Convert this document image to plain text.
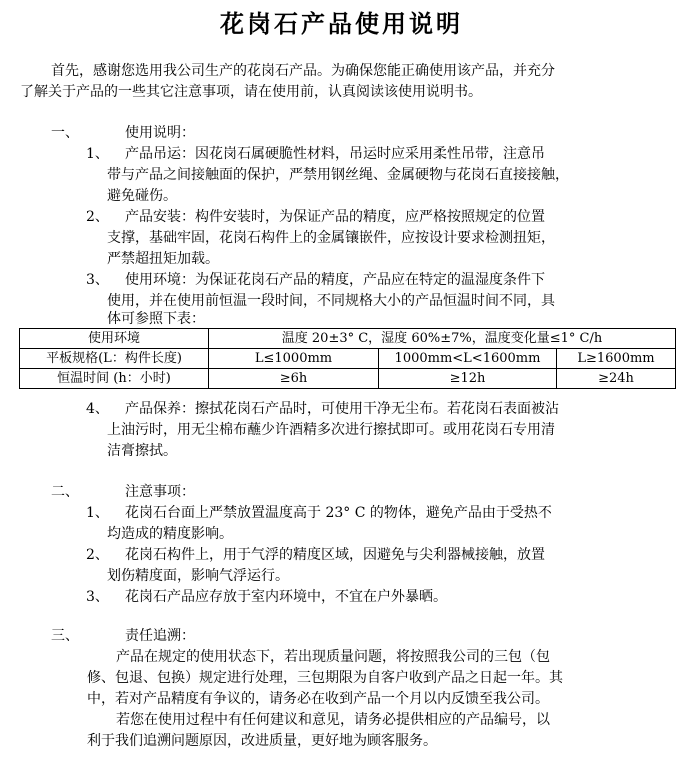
花岗石产品使用说明
首先，感谢您选用我公司生产的花岗石产品。为确保您能正确使用该产品，并充分
了解关于产品的一些其它注意事项，请在使用前，认真阅读该使用说明书。
一、	使用说明：
1、 产品吊运：因花岗石属硬脆性材料，吊运时应采用柔性吊带，注意吊
带与产品之间接触面的保护，严禁用钢丝绳、金属硬物与花岗石直接接触，
避免碰伤。
2、 产品安装：构件安装时，为保证产品的精度，应严格按照规定的位置
支撑，基础牢固，花岗石构件上的金属镶嵌件，应按设计要求检测扭矩，
严禁超扭矩加载。
3、 使用环境：为保证花岗石产品的精度，产品应在特定的温湿度条件下
使用，并在使用前恒温一段时间，不同规格大小的产品恒温时间不同，具
体可参照下表：
使用环境	温度 20±3° C，湿度 60%±7%，温度变化量≤1° C/h		
平板规格(L：构件长度)	L≤1000mm	1000mm<L<1600mm	L≥1600mm
恒温时间 (h：小时)	≥6h	≥12h	≥24h
4、 产品保养：擦拭花岗石产品时，可使用干净无尘布。若花岗石表面被沾
上油污时，用无尘棉布蘸少许酒精多次进行擦拭即可。或用花岗石专用清
洁膏擦拭。
二、	注意事项：
1、 花岗石台面上严禁放置温度高于 23° C 的物体，避免产品由于受热不
均造成的精度影响。
2、 花岗石构件上，用于气浮的精度区域，因避免与尖利器械接触，放置
划伤精度面，影响气浮运行。
3、 花岗石产品应存放于室内环境中，不宜在户外暴晒。
三、	责任追溯：
产品在规定的使用状态下，若出现质量问题，将按照我公司的三包（包
修、包退、包换）规定进行处理，三包期限为自客户收到产品之日起一年。其
中，若对产品精度有争议的，请务必在收到产品一个月以内反馈至我公司。
若您在使用过程中有任何建议和意见，请务必提供相应的产品编号，以
利于我们追溯问题原因，改进质量，更好地为顾客服务。
